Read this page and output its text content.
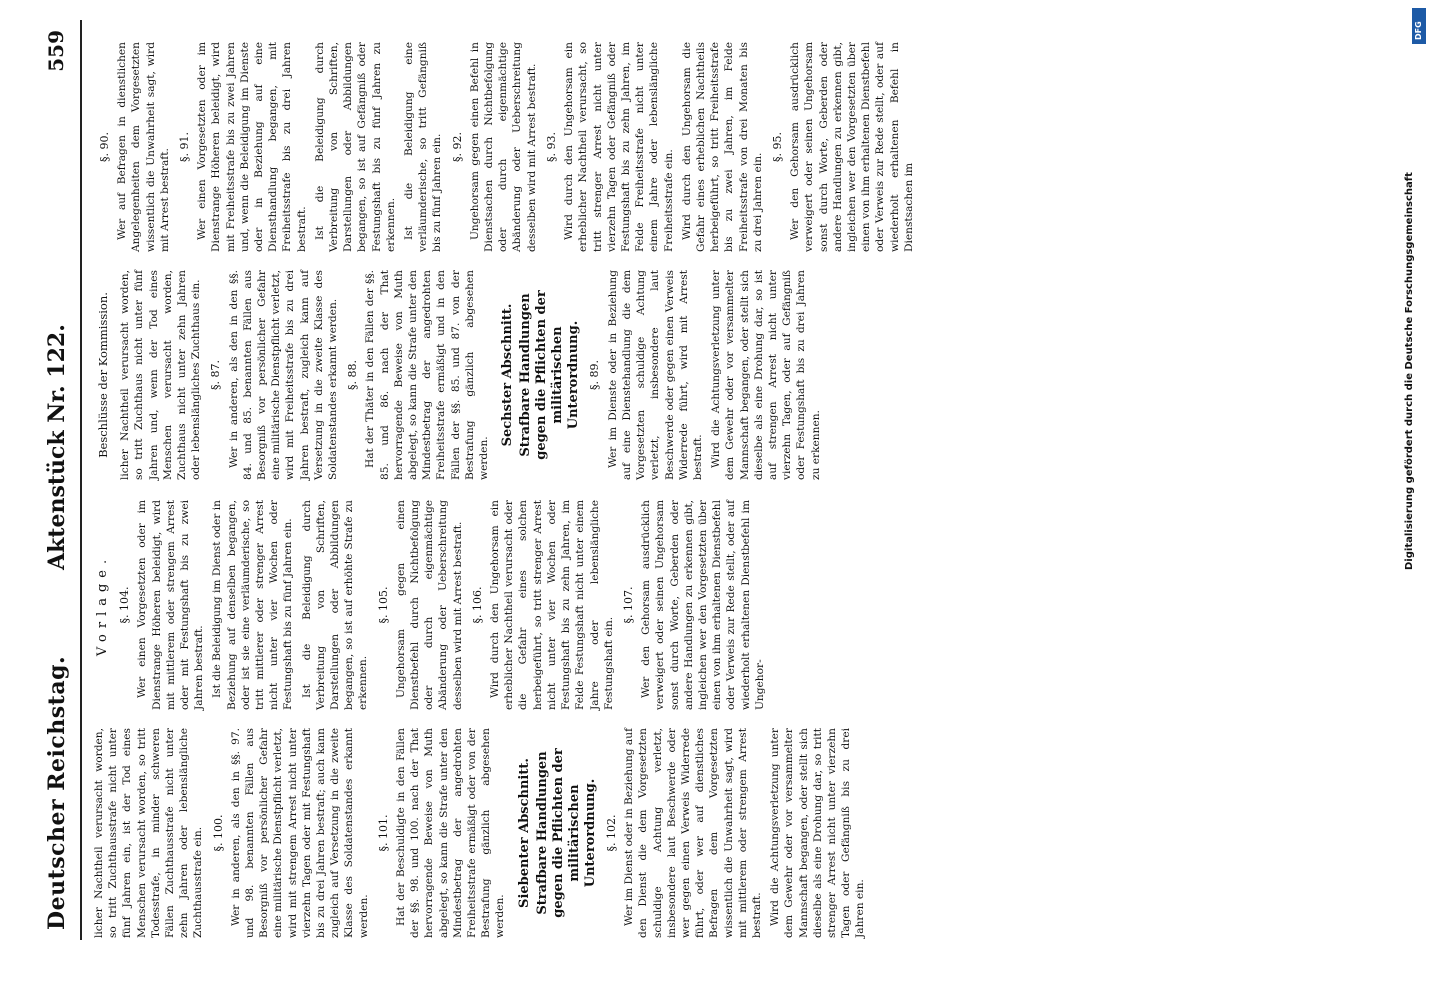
Deutscher Reichstag.
Aktenstück Nr. 122.
559

licher Nachtheil verursacht worden, so tritt Zuchthausstrafe nicht unter fünf Jahren ein, ist der Tod eines Menschen verursacht worden, so tritt Todesstrafe, in minder schweren Fällen Zuchthausstrafe nicht unter zehn Jahren oder lebenslängliche Zuchthausstrafe ein. §. 100. Wer in anderen, als den in §§. 97. und 98. benannten Fällen aus Besorgniß vor persönlicher Gefahr eine militärische Dienstpflicht verletzt, wird mit strengem Arrest nicht unter vierzehn Tagen oder mit Festungshaft bis zu drei Jahren bestraft; auch kann zugleich auf Versetzung in die zweite Klasse des Soldatenstandes erkannt werden.

§. 101. Hat der Beschuldigte in den Fällen der §§. 98. und 100. nach der That hervorragende Beweise von Muth abgelegt, so kann die Strafe unter den Mindestbetrag der angedrohten Freiheitsstrafe ermäßigt oder von der Bestrafung gänzlich abgesehen werden.

Siebenter Abschnitt. Strafbare Handlungen gegen die Pflichten der militärischen Unterordnung. §. 102. Wer im Dienst oder in Beziehung auf den Dienst die dem Vorgesetzten schuldige Achtung verletzt, insbesondere laut Beschwerde oder wer gegen einen Verweis Widerrede führt, oder wer auf dienstliches Befragen dem Vorgesetzten wissentlich die Unwahrheit sagt, wird mit mittlerem oder strengem Arrest bestraft. Wird die Achtungsverletzung unter dem Gewehr oder vor versammelter Mannschaft begangen, oder stellt sich dieselbe als eine Drohung dar, so tritt strenger Arrest nicht unter vierzehn Tagen oder Gefängniß bis zu drei Jahren ein.

Vorlage. §. 104. Wer einen Vorgesetzten oder im Dienstrange Höheren beleidigt, wird mit mittlerem oder strengem Arrest oder mit Festungshaft bis zu zwei Jahren bestraft. Ist die Beleidigung im Dienst oder in Beziehung auf denselben begangen, oder ist sie eine verläumderische, so tritt mittlerer oder strenger Arrest nicht unter vier Wochen oder Festungshaft bis zu fünf Jahren ein. Ist die Beleidigung durch Verbreitung von Schriften, Darstellungen oder Abbildungen begangen, so ist auf erhöhte Strafe zu erkennen.

§. 105. Ungehorsam gegen einen Dienstbefehl durch Nichtbefolgung oder durch eigenmächtige Abänderung oder Ueberschreitung desselben wird mit Arrest bestraft. §. 106. Wird durch den Ungehorsam ein erheblicher Nachtheil verursacht oder die Gefahr eines solchen herbeigeführt, so tritt strenger Arrest nicht unter vier Wochen oder Festungshaft bis zu zehn Jahren, im Felde Festungshaft nicht unter einem Jahre oder lebenslängliche Festungshaft ein.

§. 107. Wer den Gehorsam ausdrücklich verweigert oder seinen Ungehorsam sonst durch Worte, Geberden oder andere Handlungen zu erkennen gibt, ingleichen wer den Vorgesetzten über einen von ihm erhaltenen Dienstbefehl oder Verweis zur Rede stellt, oder auf wiederholt erhaltenen Dienstbefehl im Ungehor-

Beschlüsse der Kommission. licher Nachtheil verursacht worden, so tritt Zuchthaus nicht unter fünf Jahren und, wenn der Tod eines Menschen verursacht worden, Zuchthaus nicht unter zehn Jahren oder lebenslängliches Zuchthaus ein. §. 87. Wer in anderen, als den in den §§. 84. und 85. benannten Fällen aus Besorgniß vor persönlicher Gefahr eine militärische Dienstpflicht verletzt, wird mit Freiheitsstrafe bis zu drei Jahren bestraft, zugleich kann auf Versetzung in die zweite Klasse des Soldatenstandes erkannt werden. §. 88. Hat der Thäter in den Fällen der §§. 85. und 86. nach der That hervorragende Beweise von Muth abgelegt, so kann die Strafe unter den Mindestbetrag der angedrohten Freiheitsstrafe ermäßigt und in den Fällen der §§. 85. und 87. von der Bestrafung gänzlich abgesehen werden.

Sechster Abschnitt. Strafbare Handlungen gegen die Pflichten der militärischen Unterordnung. §. 89. Wer im Dienste oder in Beziehung auf eine Dienstehandlung die dem Vorgesetzten schuldige Achtung verletzt, insbesondere laut Beschwerde oder gegen einen Verweis Widerrede führt, wird mit Arrest bestraft. Wird die Achtungsverletzung unter dem Gewehr oder vor versammelter Mannschaft begangen, oder stellt sich dieselbe als eine Drohung dar, so ist auf strengen Arrest nicht unter vierzehn Tagen, oder auf Gefängniß oder Festungshaft bis zu drei Jahren zu erkennen.

§. 90. Wer auf Befragen in dienstlichen Angelegenheiten dem Vorgesetzten wissentlich die Unwahrheit sagt, wird mit Arrest bestraft.

§. 91. Wer einen Vorgesetzten oder im Dienstrange Höheren beleidigt, wird mit Freiheitsstrafe bis zu zwei Jahren und, wenn die Beleidigung im Dienste oder in Beziehung auf eine Diensthandlung begangen, mit Freiheitsstrafe bis zu drei Jahren bestraft. Ist die Beleidigung durch Verbreitung von Schriften, Darstellungen oder Abbildungen begangen, so ist auf Gefängniß oder Festungshaft bis zu fünf Jahren zu erkennen. Ist die Beleidigung eine verläumderische, so tritt Gefängniß bis zu fünf Jahren ein. §. 92. Ungehorsam gegen einen Befehl in Dienstsachen durch Nichtbefolgung oder durch eigenmächtige Abänderung oder Ueberschreitung desselben wird mit Arrest bestraft. §. 93. Wird durch den Ungehorsam ein erheblicher Nachtheil verursacht, so tritt strenger Arrest nicht unter vierzehn Tagen oder Gefängniß oder Festungshaft bis zu zehn Jahren, im Felde Freiheitsstrafe nicht unter einem Jahre oder lebenslängliche Freiheitsstrafe ein. Wird durch den Ungehorsam die Gefahr eines erheblichen Nachtheils herbeigeführt, so tritt Freiheitsstrafe bis zu zwei Jahren, im Felde Freiheitsstrafe von drei Monaten bis zu drei Jahren ein.

§. 95. Wer den Gehorsam ausdrücklich verweigert oder seinen Ungehorsam sonst durch Worte, Geberden oder andere Handlungen zu erkennen gibt, ingleichen wer den Vorgesetzten über einen von ihm erhaltenen Dienstbefehl oder Verweis zur Rede stellt, oder auf wiederholt erhaltenen Befehl in Dienstsachen im	Digitalisierung gefördert durch die Deutsche Forschungsgemeinschaft
DFG
